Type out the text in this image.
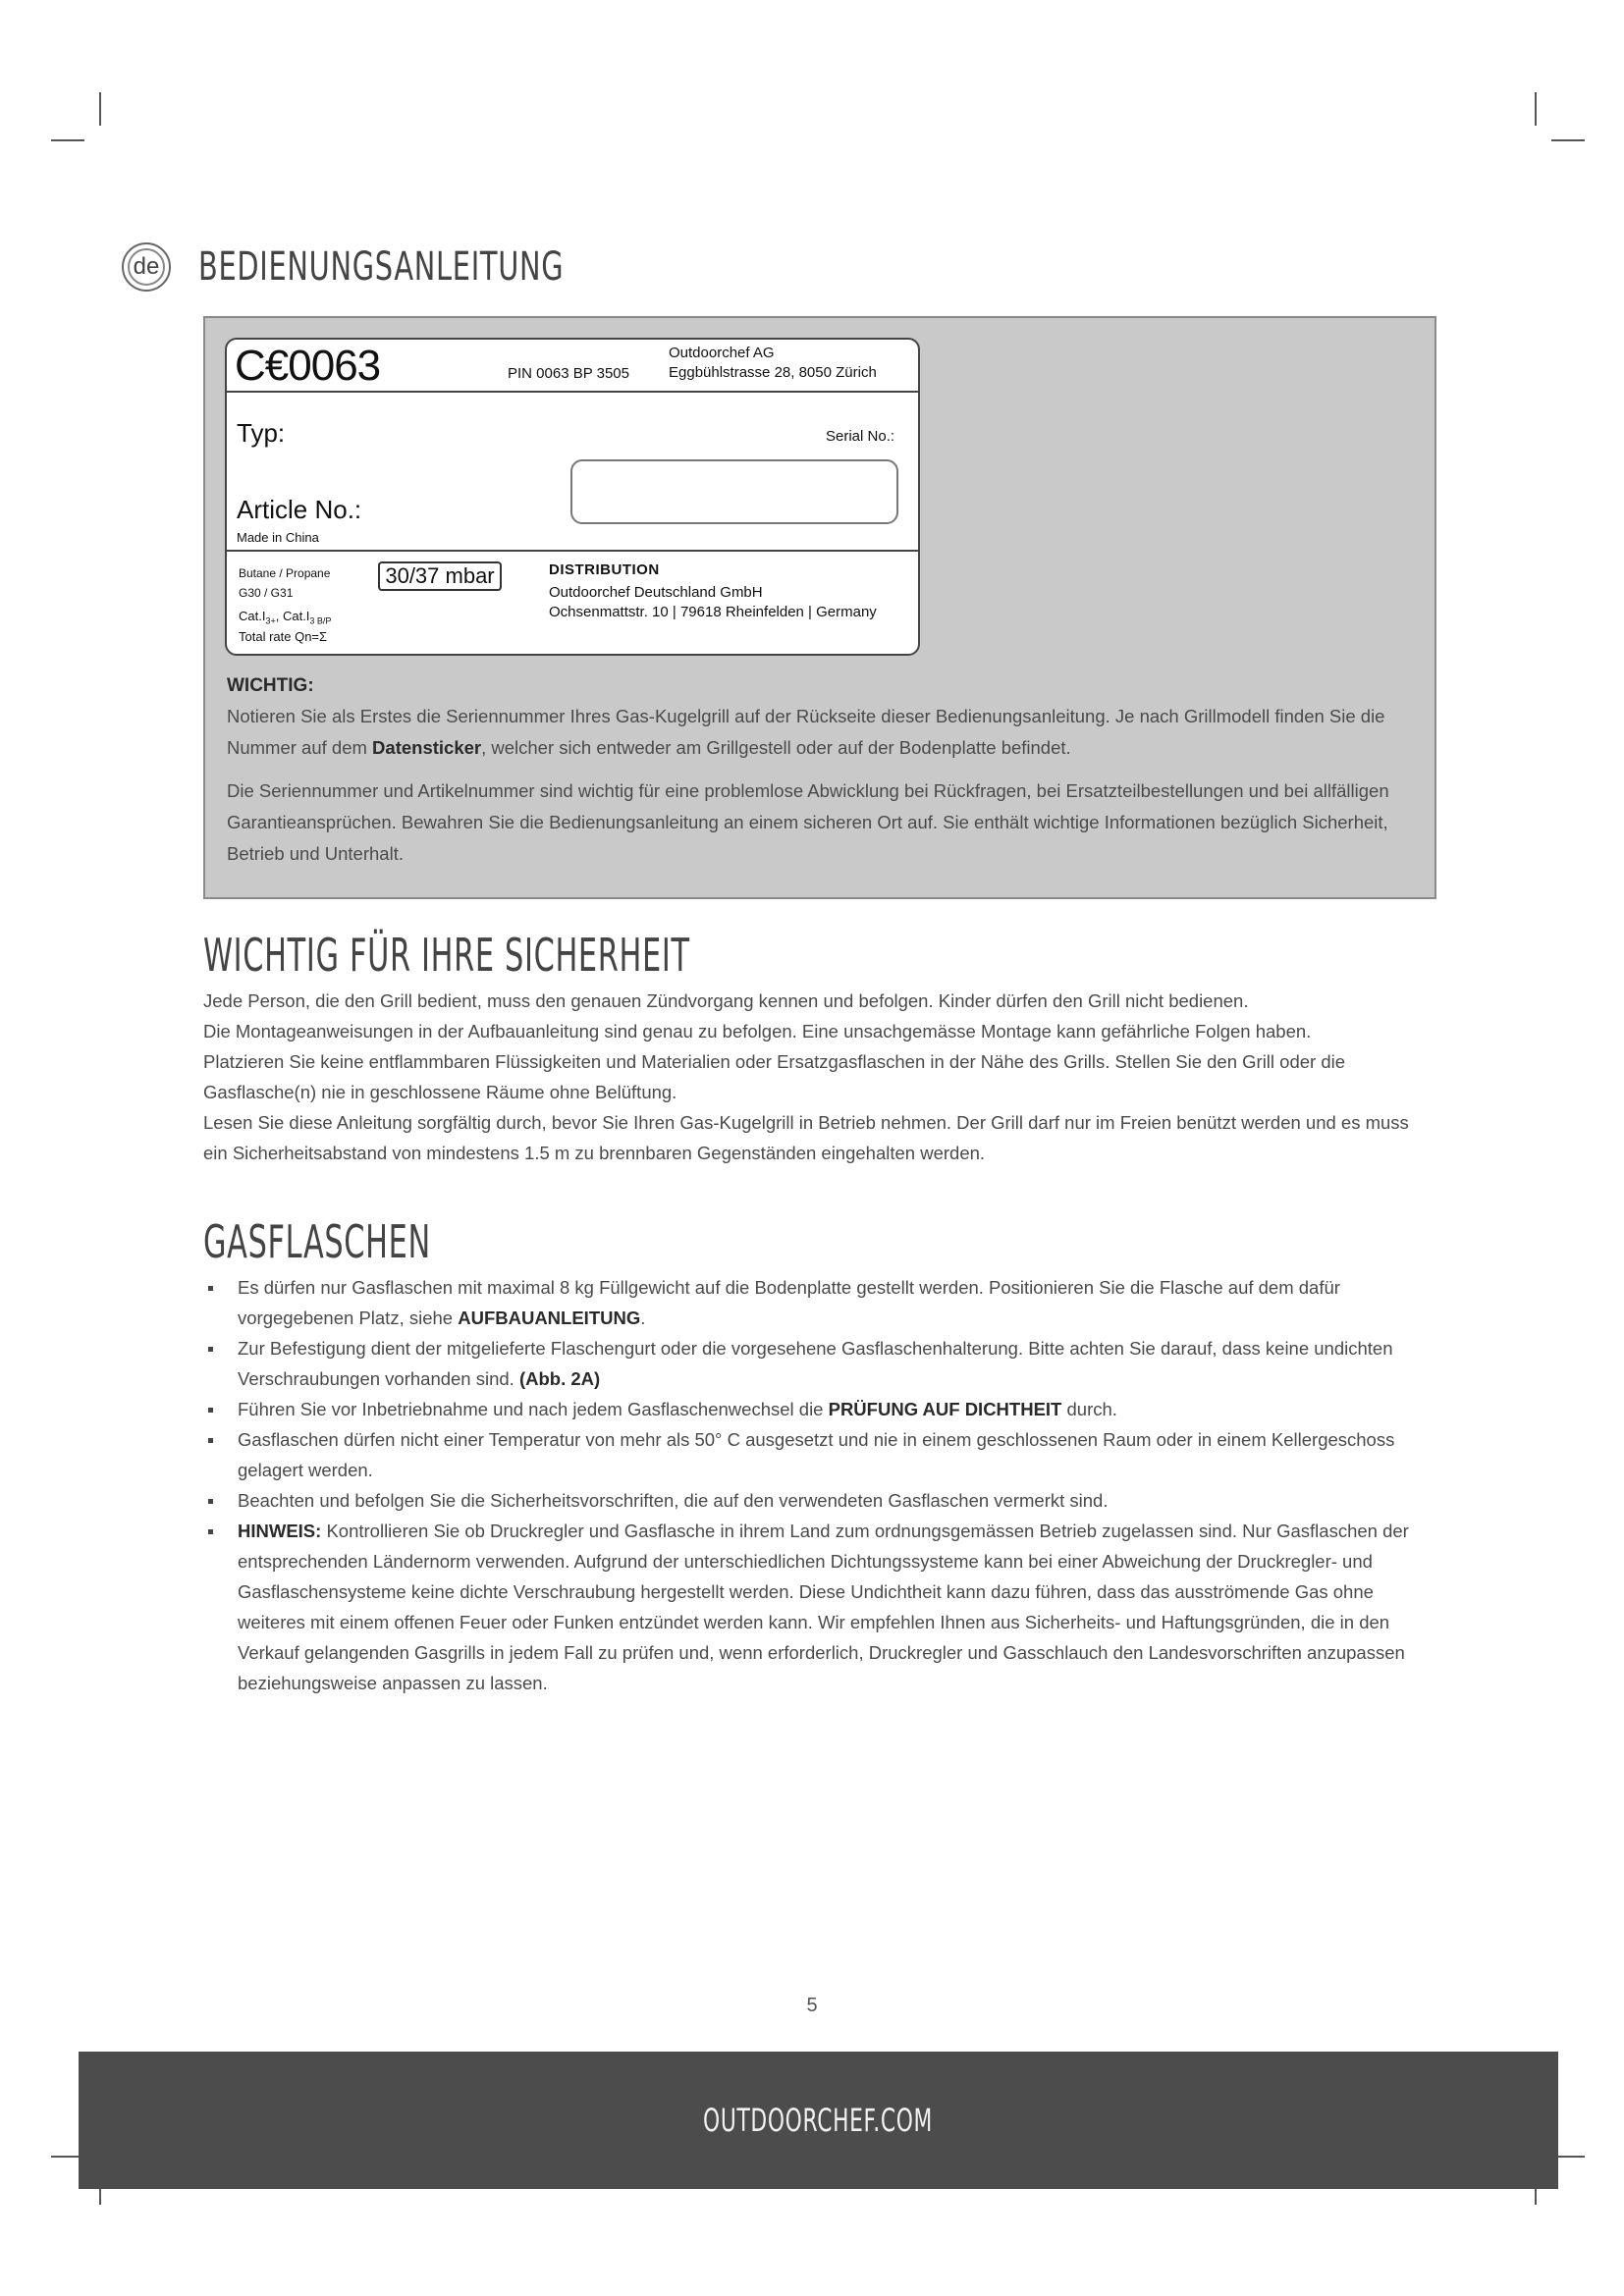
de BEDIENUNGSANLEITUNG
C€0063	PIN 0063 BP 3505
Outdoorchef AG
Eggbühlstrasse 28, 8050 Zürich
Typ:	Serial No.:
Article No.:
Made in China
Butane / Propane
G30 / G31
30/37 mbar
$Cat.I_{3+}$, $Cat.I_{3 B/P}$
Total rate Qn=Σ
DISTRIBUTION
Outdoorchef Deutschland GmbH
Ochsenmattstr. 10 | 79618 Rheinfelden | Germany
WICHTIG:

Notieren Sie als Erstes die Seriennummer Ihres Gas-Kugelgrill auf der Rückseite dieser Bedienungsanleitung. Je nach Grillmodell finden Sie die Nummer auf dem Datensticker, welcher sich entweder am Grillgestell oder auf der Bodenplatte befindet.

Die Seriennummer und Artikelnummer sind wichtig für eine problemlose Abwicklung bei Rückfragen, bei Ersatzteilbestellungen und bei allfälligen Garantieansprüchen. Bewahren Sie die Bedienungsanleitung an einem sicheren Ort auf. Sie enthält wichtige Informationen bezüglich Sicherheit, Betrieb und Unterhalt.

WICHTIG FÜR IHRE SICHERHEIT

Jede Person, die den Grill bedient, muss den genauen Zündvorgang kennen und befolgen. Kinder dürfen den Grill nicht bedienen.

Die Montageanweisungen in der Aufbauanleitung sind genau zu befolgen. Eine unsachgemässe Montage kann gefährliche Folgen haben.

Platzieren Sie keine entflammbaren Flüssigkeiten und Materialien oder Ersatzgasflaschen in der Nähe des Grills. Stellen Sie den Grill oder die Gasflasche(n) nie in geschlossene Räume ohne Belüftung.

Lesen Sie diese Anleitung sorgfältig durch, bevor Sie Ihren Gas-Kugelgrill in Betrieb nehmen. Der Grill darf nur im Freien benützt werden und es muss ein Sicherheitsabstand von mindestens 1.5 m zu brennbaren Gegenständen eingehalten werden.

GASFLASCHEN
Es dürfen nur Gasflaschen mit maximal 8 kg Füllgewicht auf die Bodenplatte gestellt werden. Positionieren Sie die Flasche auf dem dafür vorgegebenen Platz, siehe AUFBAUANLEITUNG.
Zur Befestigung dient der mitgelieferte Flaschengurt oder die vorgesehene Gasflaschenhalterung. Bitte achten Sie darauf, dass keine undichten Verschraubungen vorhanden sind. (Abb. 2A)
Führen Sie vor Inbetriebnahme und nach jedem Gasflaschenwechsel die PRÜFUNG AUF DICHTHEIT durch.
Gasflaschen dürfen nicht einer Temperatur von mehr als 50° C ausgesetzt und nie in einem geschlossenen Raum oder in einem Kellergeschoss gelagert werden.
Beachten und befolgen Sie die Sicherheitsvorschriften, die auf den verwendeten Gasflaschen vermerkt sind.
HINWEIS: Kontrollieren Sie ob Druckregler und Gasflasche in ihrem Land zum ordnungsgemässen Betrieb zugelassen sind. Nur Gasflaschen der entsprechenden Ländernorm verwenden. Aufgrund der unterschiedlichen Dichtungssysteme kann bei einer Abweichung der Druckregler- und Gasflaschensysteme keine dichte Verschraubung hergestellt werden. Diese Undichtheit kann dazu führen, dass das ausströmende Gas ohne weiteres mit einem offenen Feuer oder Funken entzündet werden kann. Wir empfehlen Ihnen aus Sicherheits- und Haftungsgründen, die in den Verkauf gelangenden Gasgrills in jedem Fall zu prüfen und, wenn erforderlich, Druckregler und Gasschlauch den Landesvorschriften anzupassen beziehungsweise anpassen zu lassen.
5
OUTDOORCHEF.COM
